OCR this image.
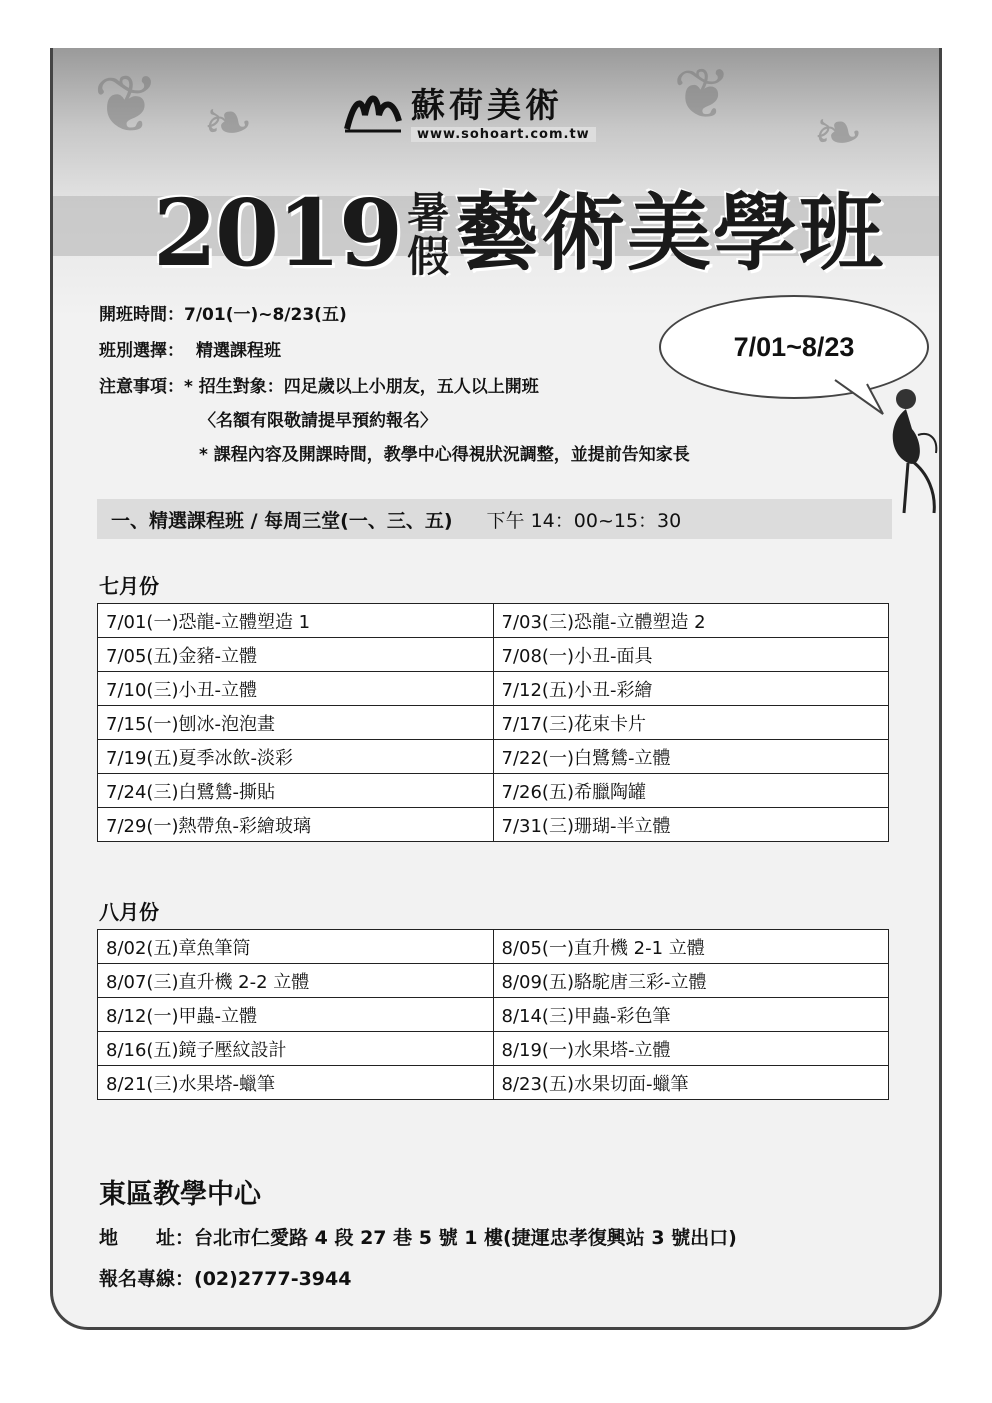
❦ ❧	❦ ❧
蘇荷美術
www.sohoart.com.tw
2019 暑
假 藝術美學班
開班時間：7/01(一)~8/23(五)
班別選擇： 精選課程班
注意事項：* 招生對象：四足歲以上小朋友，五人以上開班
〈名額有限敬請提早預約報名〉
* 課程內容及開課時間，教學中心得視狀況調整，並提前告知家長
7/01~8/23
一、精選課程班 / 每周三堂(一、三、五) 下午 14：00~15：30
七月份
7/01(一)恐龍-立體塑造 1	7/03(三)恐龍-立體塑造 2
7/05(五)金豬-立體	7/08(一)小丑-面具
7/10(三)小丑-立體	7/12(五)小丑-彩繪
7/15(一)刨冰-泡泡畫	7/17(三)花束卡片
7/19(五)夏季冰飲-淡彩	7/22(一)白鷺鷥-立體
7/24(三)白鷺鷥-撕貼	7/26(五)希臘陶罐
7/29(一)熱帶魚-彩繪玻璃	7/31(三)珊瑚-半立體
八月份
8/02(五)章魚筆筒	8/05(一)直升機 2-1 立體
8/07(三)直升機 2-2 立體	8/09(五)駱駝唐三彩-立體
8/12(一)甲蟲-立體	8/14(三)甲蟲-彩色筆
8/16(五)鏡子壓紋設計	8/19(一)水果塔-立體
8/21(三)水果塔-蠟筆	8/23(五)水果切面-蠟筆
東區教學中心
地　　址：台北市仁愛路 4 段 27 巷 5 號 1 樓(捷運忠孝復興站 3 號出口)
報名專線：(02)2777-3944
